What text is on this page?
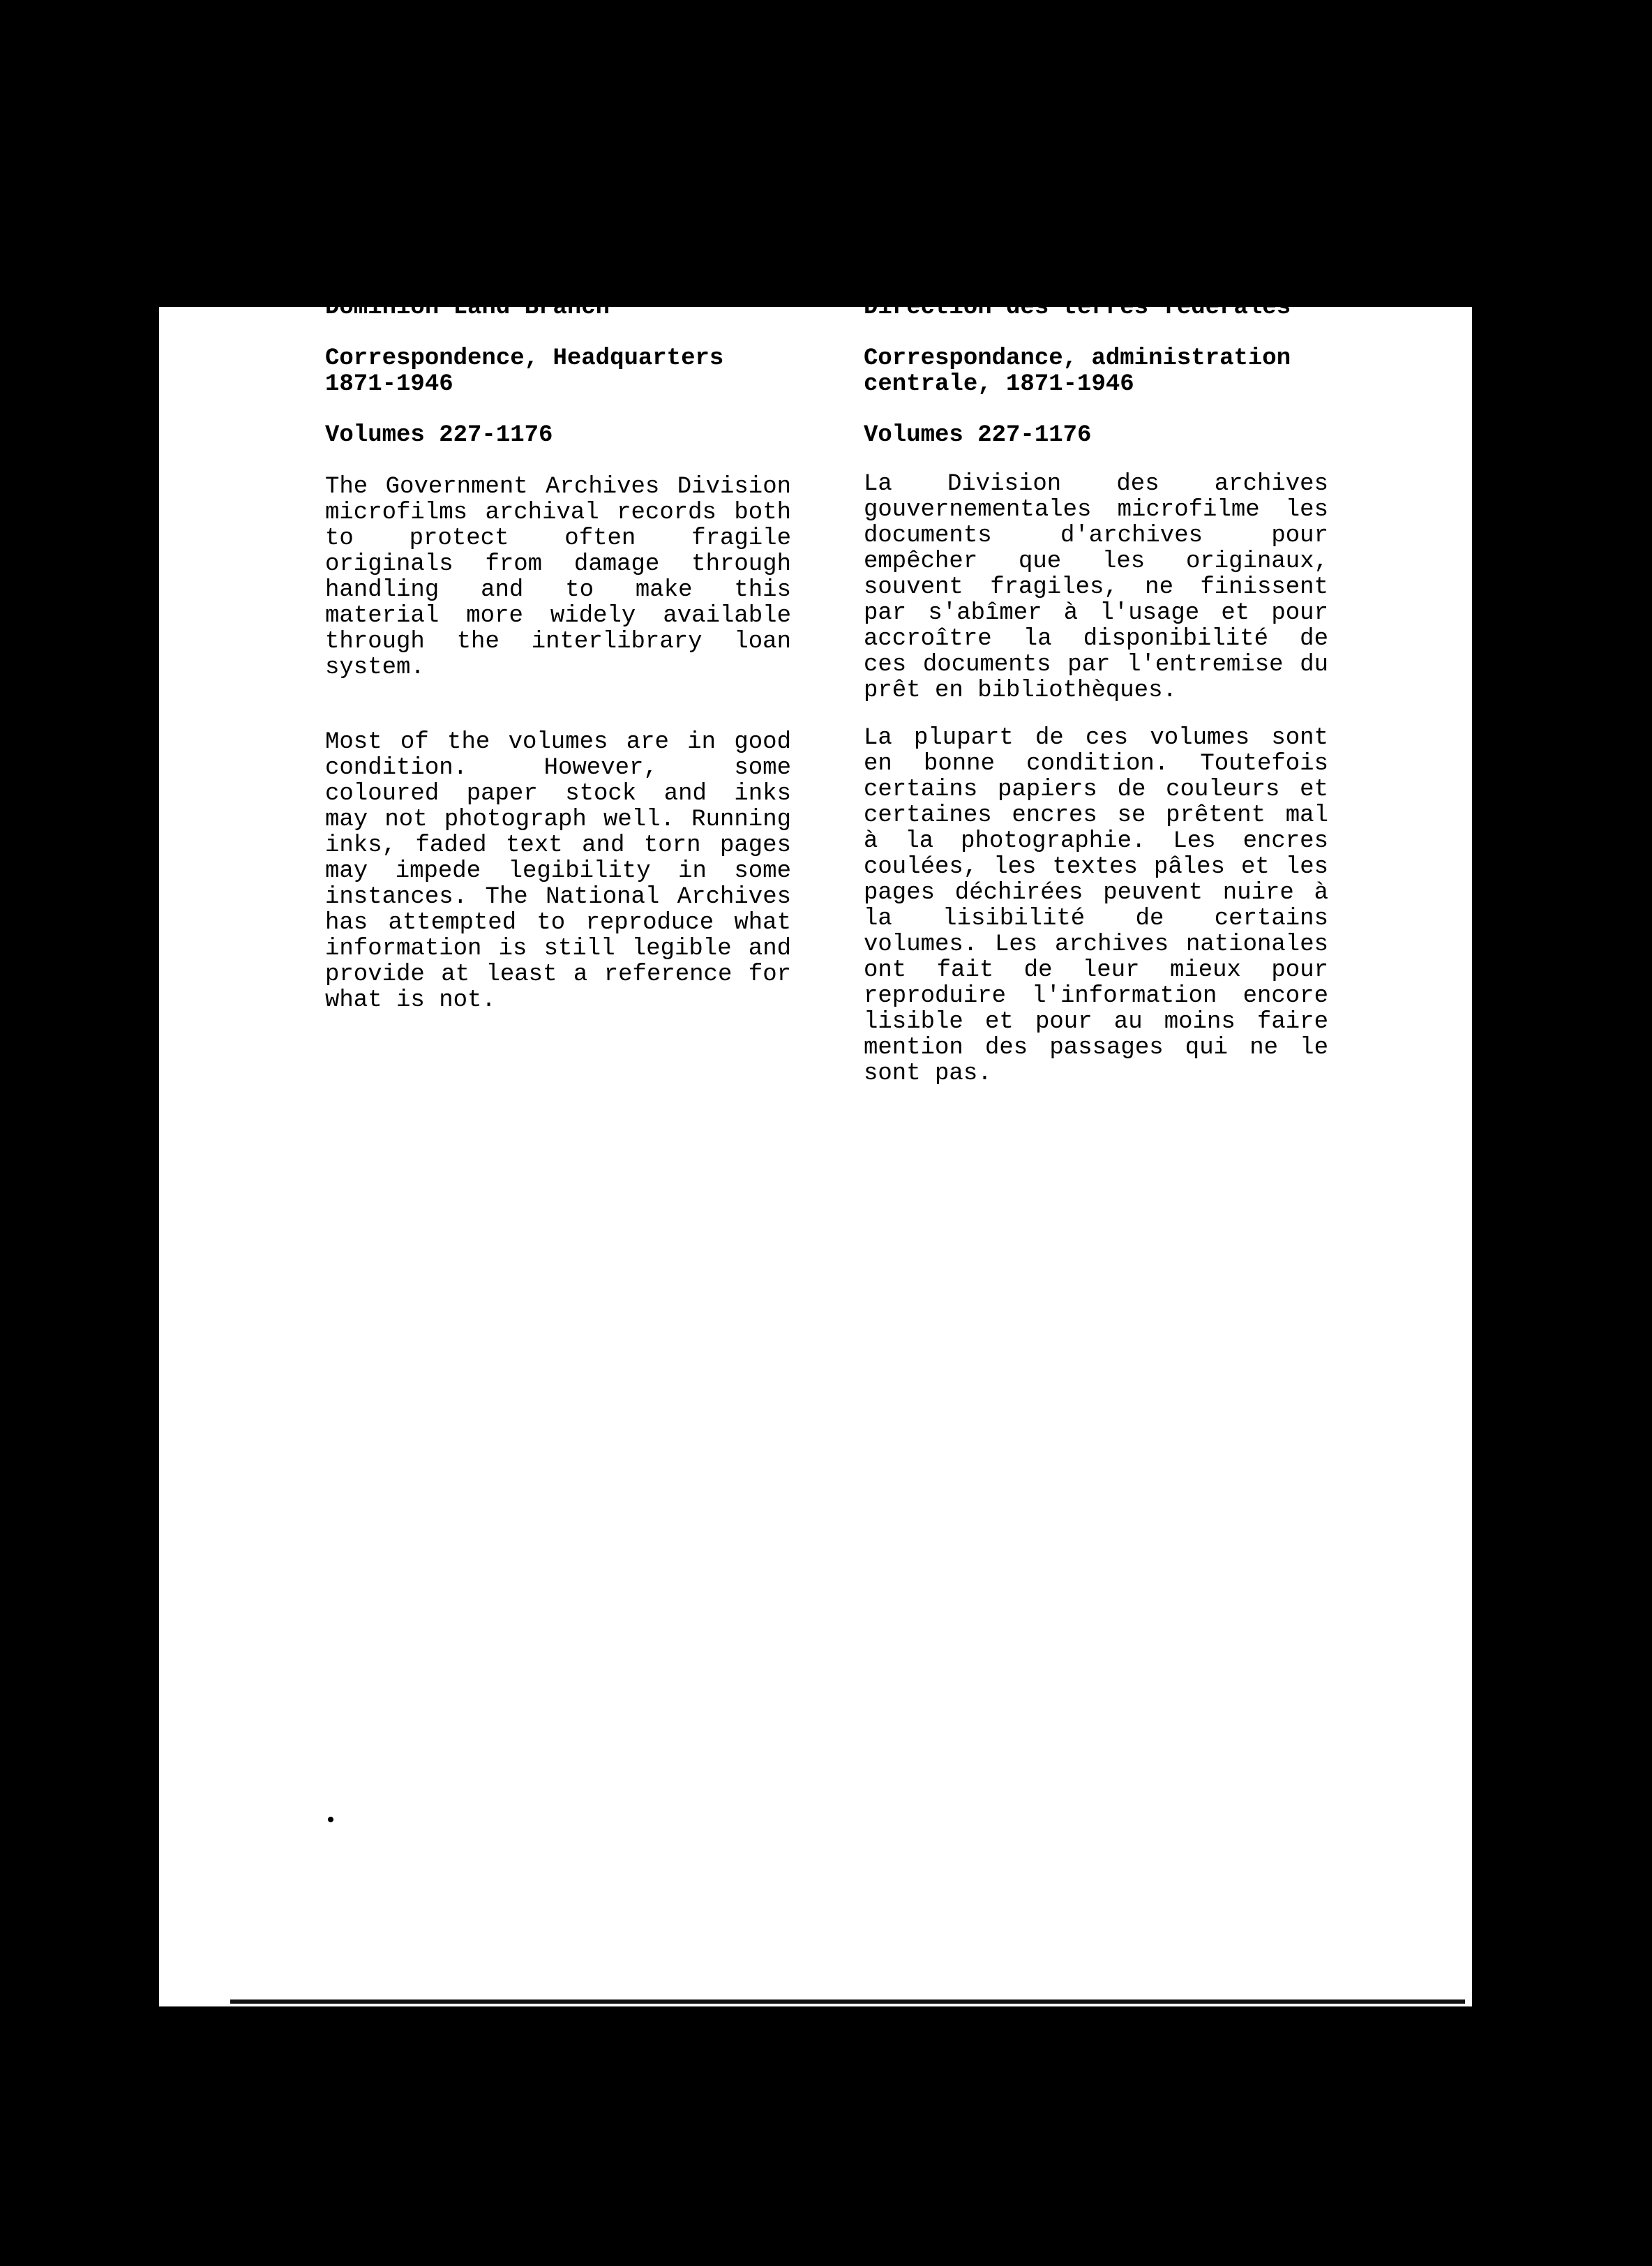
NOTICE
RG 15, Series D-II-1
Department of the Interior
Dominion Land Branch
Correspondence, Headquarters
1871-1946
Volumes 227-1176
The Government Archives Division microfilms archival records both to protect often fragile originals from damage through handling and to make this material more widely available through the interlibrary loan system.
Most of the volumes are in good condition. However, some coloured paper stock and inks may not photograph well. Running inks, faded text and torn pages may impede legibility in some instances. The National Archives has attempted to reproduce what information is still legible and provide at least a reference for what is not.
AVIS
RG 15, Séries D-II-1
Ministère de l'Intérieur
Direction des terres fédérales
Correspondance, administration
centrale, 1871-1946
Volumes 227-1176
La Division des archives gouvernementales microfilme les documents d'archives pour empêcher que les originaux, souvent fragiles, ne finissent par s'abîmer à l'usage et pour accroître la disponibilité de ces documents par l'entremise du prêt en bibliothèques.
La plupart de ces volumes sont en bonne condition. Toutefois certains papiers de couleurs et certaines encres se prêtent mal à la photographie. Les encres coulées, les textes pâles et les pages déchirées peuvent nuire à la lisibilité de certains volumes. Les archives nationales ont fait de leur mieux pour reproduire l'information encore lisible et pour au moins faire mention des passages qui ne le sont pas.
